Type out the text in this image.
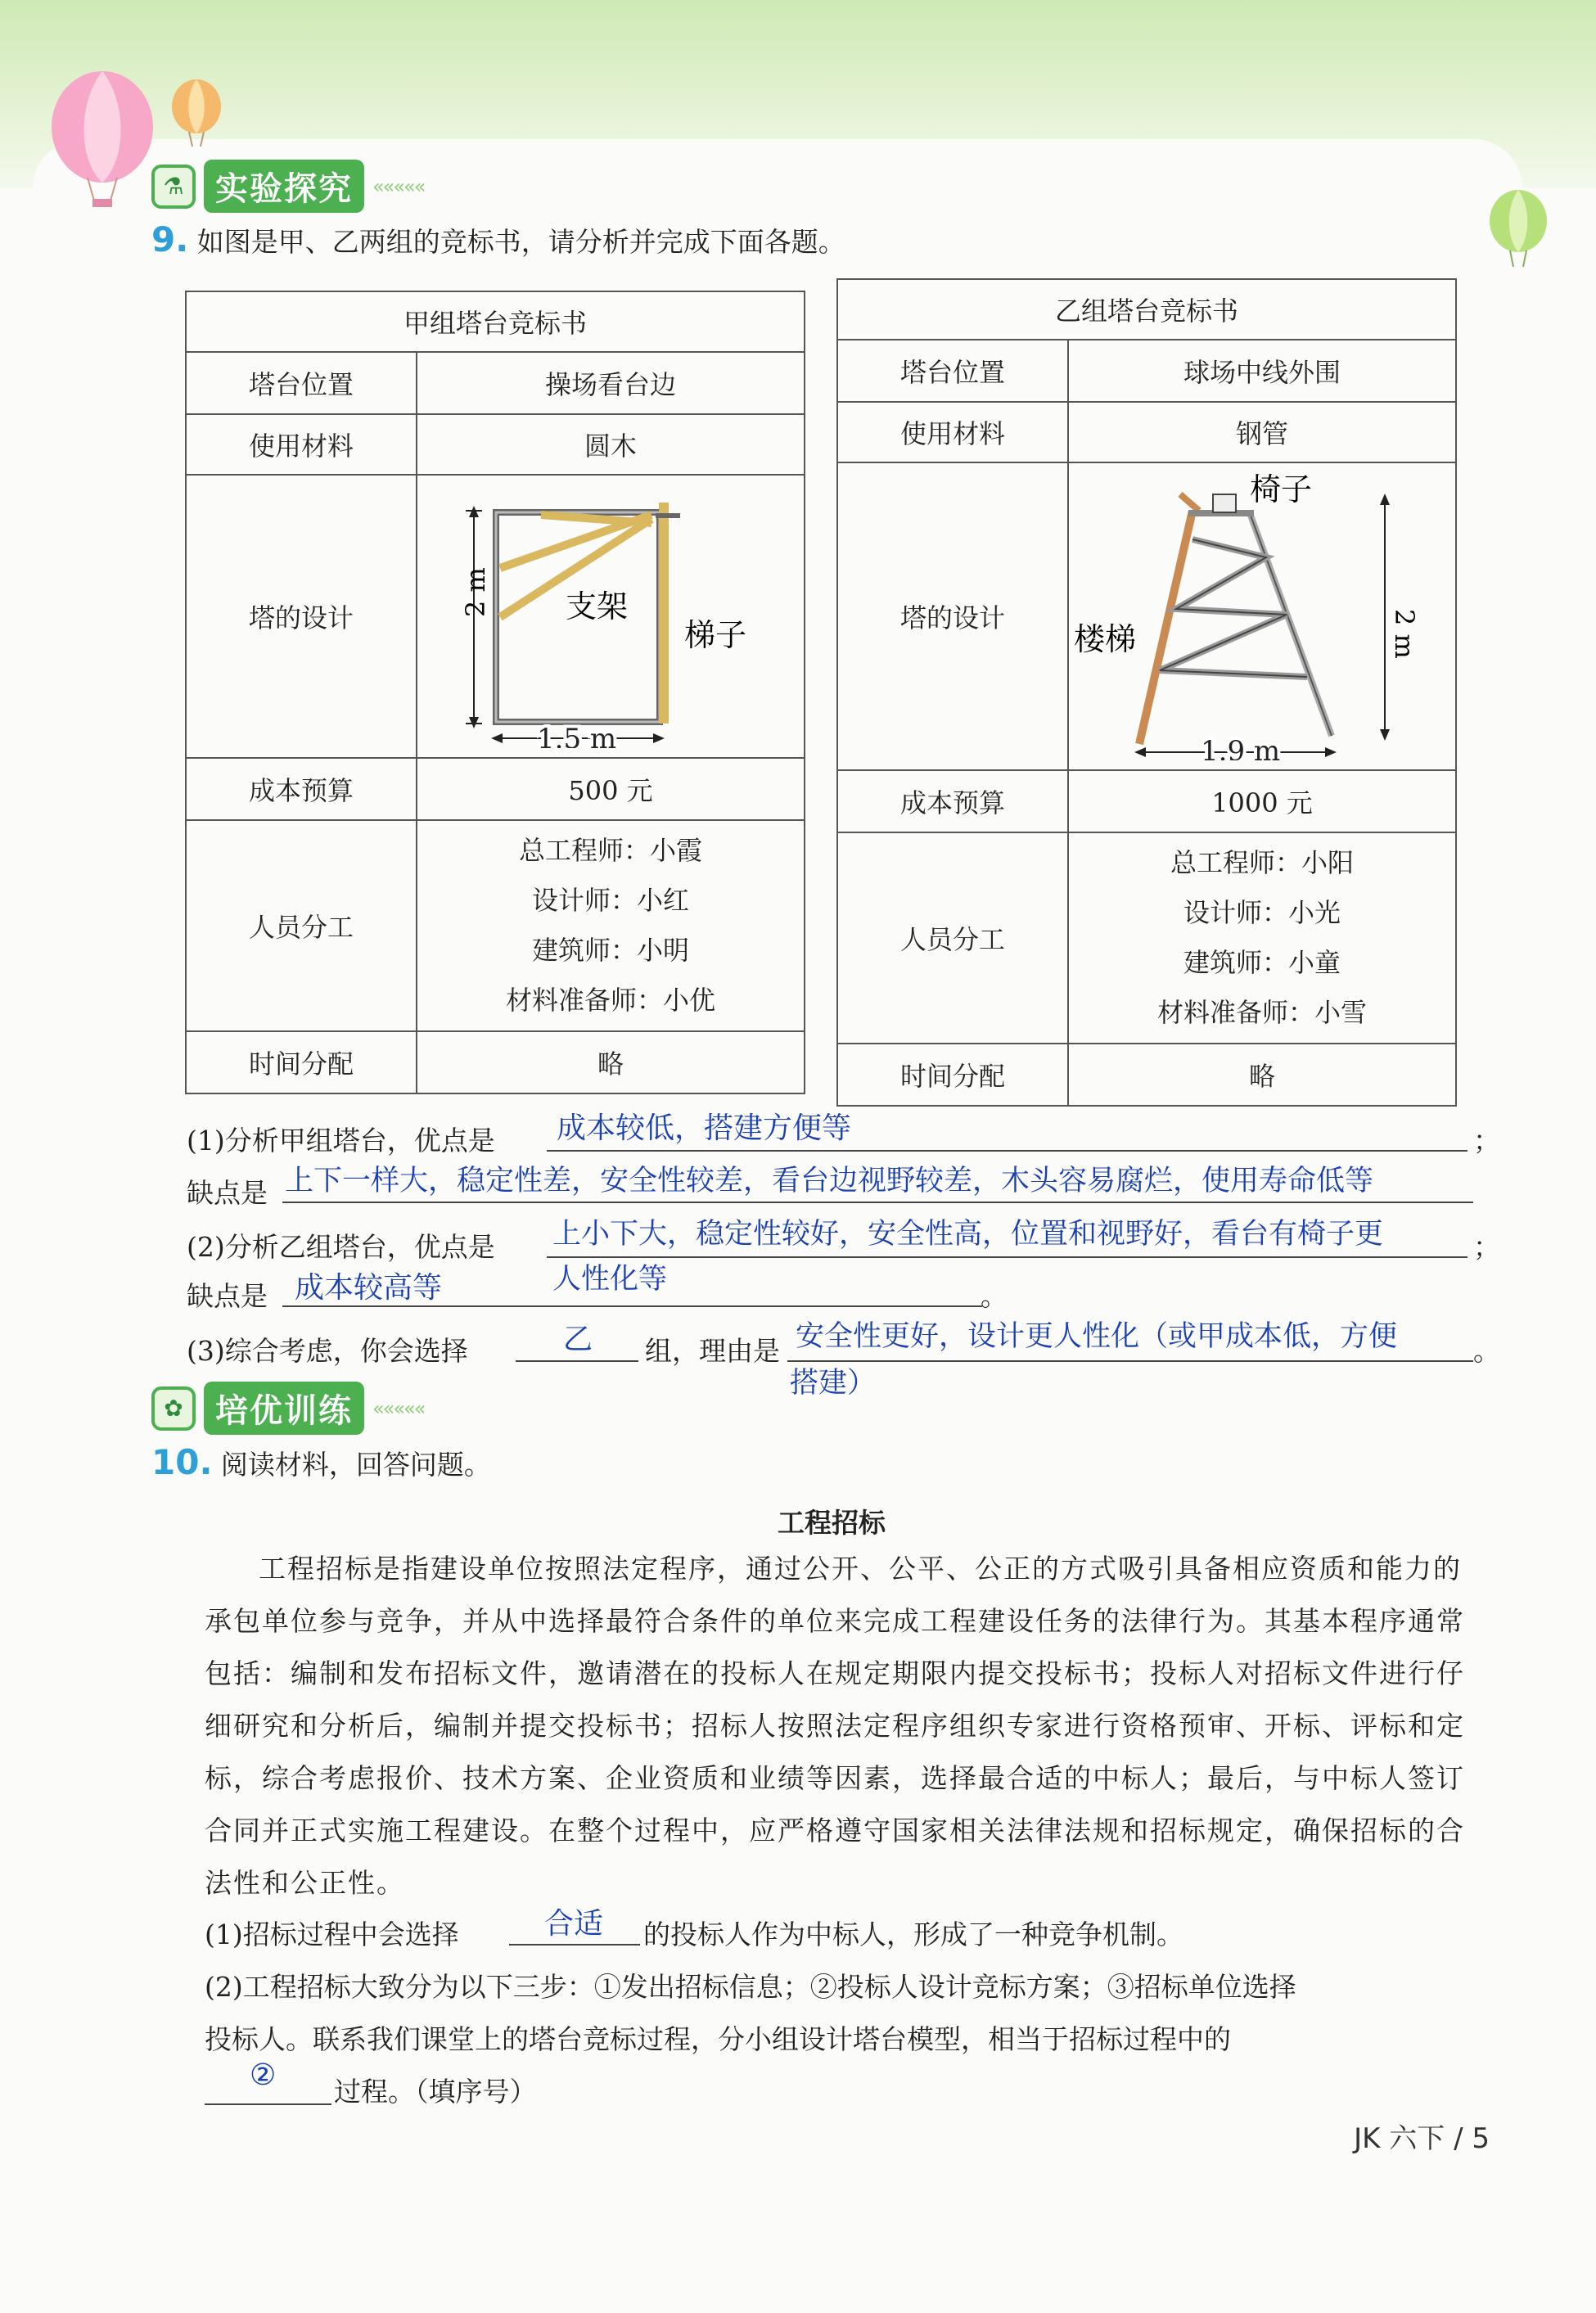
⚗ 实验探究	«««««
9. 如图是甲、乙两组的竞标书，请分析并完成下面各题。
甲组塔台竞标书	
塔台位置	操场看台边
使用材料	圆木
塔的设计	2 m
1.5 m
支架
梯子

成本预算	500 元
人员分工	总工程师：小霞
设计师：小红
建筑师：小明
材料准备师：小优

时间分配	略
乙组塔台竞标书	
塔台位置	球场中线外围
使用材料	钢管
塔的设计	2 m
1.9 m
椅子
楼梯

成本预算	1000 元
人员分工	总工程师：小阳
设计师：小光
建筑师：小童
材料准备师：小雪

时间分配	略
(1)分析甲组塔台，优点是 成本较低，搭建方便等	；
缺点是 上下一样大，稳定性差，安全性较差，看台边视野较差，木头容易腐烂，使用寿命低等
(2)分析乙组塔台，优点是 上小下大，稳定性较好，安全性高，位置和视野好，看台有椅子更	；
人性化等
缺点是 成本较高等	。
(3)综合考虑，你会选择	乙 组，理由是 安全性更好，设计更人性化（或甲成本低，方便	。
搭建）
✿ 培优训练	«««««
10. 阅读材料，回答问题。
工程招标
工程招标是指建设单位按照法定程序，通过公开、公平、公正的方式吸引具备相应资质和能力的承包单位参与竞争，并从中选择最符合条件的单位来完成工程建设任务的法律行为。其基本程序通常包括：编制和发布招标文件，邀请潜在的投标人在规定期限内提交投标书；投标人对招标文件进行仔细研究和分析后，编制并提交投标书；招标人按照法定程序组织专家进行资格预审、开标、评标和定标，综合考虑报价、技术方案、企业资质和业绩等因素，选择最合适的中标人；最后，与中标人签订合同并正式实施工程建设。在整个过程中，应严格遵守国家相关法律法规和招标规定，确保招标的合法性和公正性。
(1)招标过程中会选择	合适 的投标人作为中标人，形成了一种竞争机制。
(2)工程招标大致分为以下三步：①发出招标信息；②投标人设计竞标方案；③招标单位选择
投标人。联系我们课堂上的塔台竞标过程，分小组设计塔台模型，相当于招标过程中的
② 过程。（填序号）
JK 六下 / 5
